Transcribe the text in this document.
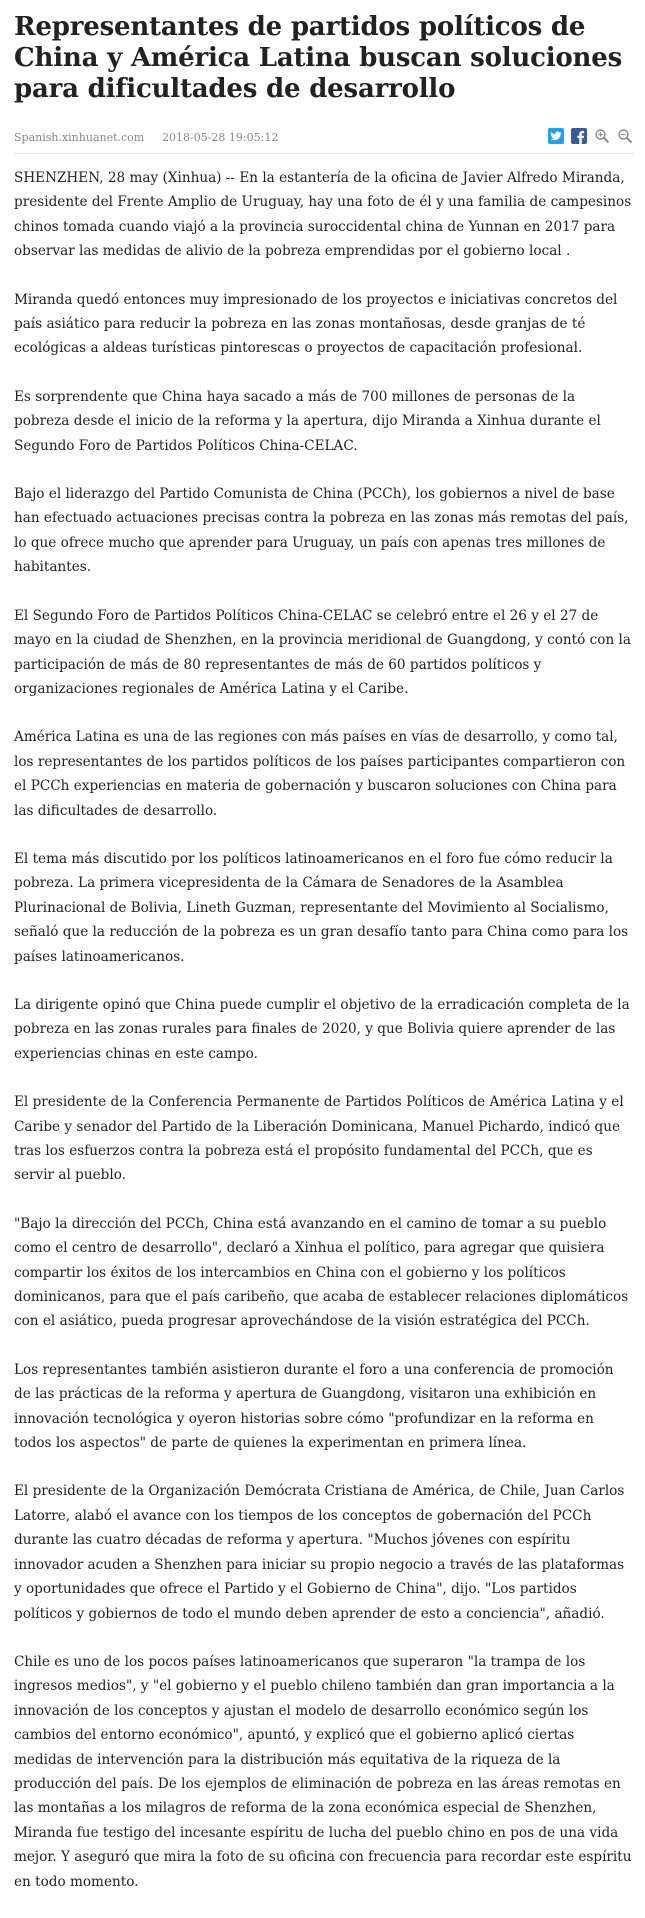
Representantes de partidos políticos de China y América Latina buscan soluciones para dificultades de desarrollo
Spanish.xinhuanet.com 2018-05-28 19:05:12

SHENZHEN, 28 may (Xinhua) -- En la estantería de la oficina de Javier Alfredo Miranda, presidente del Frente Amplio de Uruguay, hay una foto de él y una familia de campesinos chinos tomada cuando viajó a la provincia suroccidental china de Yunnan en 2017 para observar las medidas de alivio de la pobreza emprendidas por el gobierno local .

Miranda quedó entonces muy impresionado de los proyectos e iniciativas concretos del país asiático para reducir la pobreza en las zonas montañosas, desde granjas de té ecológicas a aldeas turísticas pintorescas o proyectos de capacitación profesional.

Es sorprendente que China haya sacado a más de 700 millones de personas de la pobreza desde el inicio de la reforma y la apertura, dijo Miranda a Xinhua durante el Segundo Foro de Partidos Políticos China-CELAC.

Bajo el liderazgo del Partido Comunista de China (PCCh), los gobiernos a nivel de base han efectuado actuaciones precisas contra la pobreza en las zonas más remotas del país, lo que ofrece mucho que aprender para Uruguay, un país con apenas tres millones de habitantes.

El Segundo Foro de Partidos Políticos China-CELAC se celebró entre el 26 y el 27 de mayo en la ciudad de Shenzhen, en la provincia meridional de Guangdong, y contó con la participación de más de 80 representantes de más de 60 partidos políticos y organizaciones regionales de América Latina y el Caribe.

América Latina es una de las regiones con más países en vías de desarrollo, y como tal, los representantes de los partidos políticos de los países participantes compartieron con el PCCh experiencias en materia de gobernación y buscaron soluciones con China para las dificultades de desarrollo.

El tema más discutido por los políticos latinoamericanos en el foro fue cómo reducir la pobreza. La primera vicepresidenta de la Cámara de Senadores de la Asamblea Plurinacional de Bolivia, Lineth Guzman, representante del Movimiento al Socialismo, señaló que la reducción de la pobreza es un gran desafío tanto para China como para los países latinoamericanos.

La dirigente opinó que China puede cumplir el objetivo de la erradicación completa de la pobreza en las zonas rurales para finales de 2020, y que Bolivia quiere aprender de las experiencias chinas en este campo.

El presidente de la Conferencia Permanente de Partidos Políticos de América Latina y el Caribe y senador del Partido de la Liberación Dominicana, Manuel Pichardo, indicó que tras los esfuerzos contra la pobreza está el propósito fundamental del PCCh, que es servir al pueblo.

"Bajo la dirección del PCCh, China está avanzando en el camino de tomar a su pueblo como el centro de desarrollo", declaró a Xinhua el político, para agregar que quisiera compartir los éxitos de los intercambios en China con el gobierno y los políticos dominicanos, para que el país caribeño, que acaba de establecer relaciones diplomáticos con el asiático, pueda progresar aprovechándose de la visión estratégica del PCCh.

Los representantes también asistieron durante el foro a una conferencia de promoción de las prácticas de la reforma y apertura de Guangdong, visitaron una exhibición en innovación tecnológica y oyeron historias sobre cómo "profundizar en la reforma en todos los aspectos" de parte de quienes la experimentan en primera línea.

El presidente de la Organización Demócrata Cristiana de América, de Chile, Juan Carlos Latorre, alabó el avance con los tiempos de los conceptos de gobernación del PCCh durante las cuatro décadas de reforma y apertura. "Muchos jóvenes con espíritu innovador acuden a Shenzhen para iniciar su propio negocio a través de las plataformas y oportunidades que ofrece el Partido y el Gobierno de China", dijo. "Los partidos políticos y gobiernos de todo el mundo deben aprender de esto a conciencia", añadió.

Chile es uno de los pocos países latinoamericanos que superaron "la trampa de los ingresos medios", y "el gobierno y el pueblo chileno también dan gran importancia a la innovación de los conceptos y ajustan el modelo de desarrollo económico según los cambios del entorno económico", apuntó, y explicó que el gobierno aplicó ciertas medidas de intervención para la distribución más equitativa de la riqueza de la producción del país. De los ejemplos de eliminación de pobreza en las áreas remotas en las montañas a los milagros de reforma de la zona económica especial de Shenzhen, Miranda fue testigo del incesante espíritu de lucha del pueblo chino en pos de una vida mejor. Y aseguró que mira la foto de su oficina con frecuencia para recordar este espíritu en todo momento.
